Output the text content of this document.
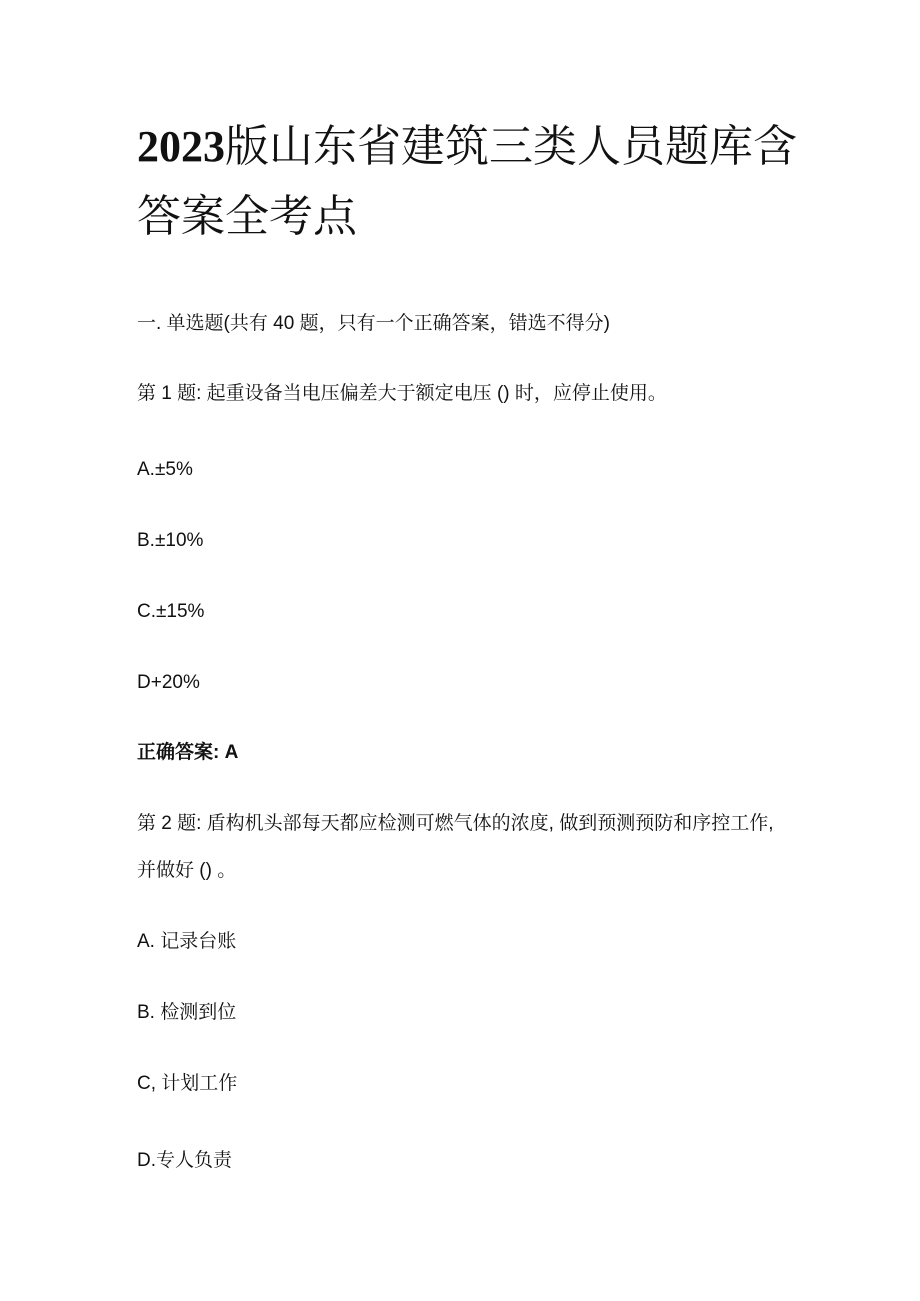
2023版山东省建筑三类人员题库含答案全考点

一. 单选题(共有 40 题，只有一个正确答案，错选不得分)

第 1 题: 起重设备当电压偏差大于额定电压 () 时，应停止使用。

A.±5%

B.±10%

C.±15%

D+20%

正确答案: A

第 2 题: 盾构机头部每天都应检测可燃气体的浓度, 做到预测预防和序控工作, 并做好 () 。

A. 记录台账

B. 检测到位

C, 计划工作

D.专人负责
